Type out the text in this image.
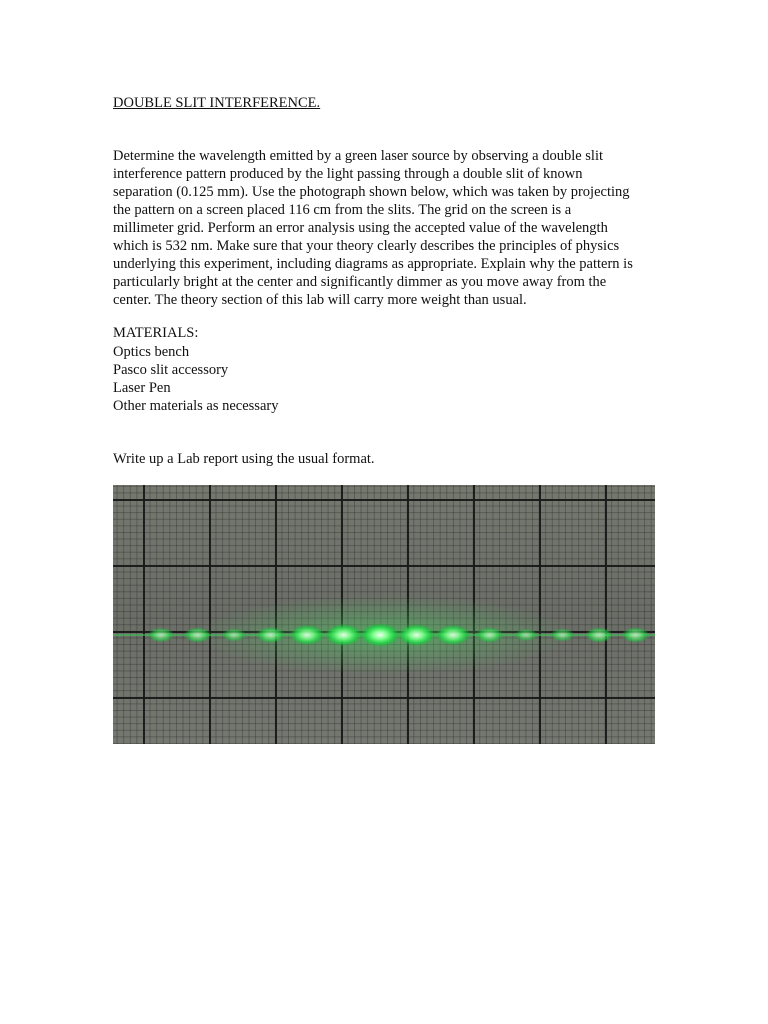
DOUBLE SLIT INTERFERENCE.

Determine the wavelength emitted by a green laser source by observing a double slit
interference pattern produced by the light passing through a double slit of known
separation (0.125 mm). Use the photograph shown below, which was taken by projecting
the pattern on a screen placed 116 cm from the slits. The grid on the screen is a
millimeter grid. Perform an error analysis using the accepted value of the wavelength
which is 532 nm. Make sure that your theory clearly describes the principles of physics
underlying this experiment, including diagrams as appropriate. Explain why the pattern is
particularly bright at the center and significantly dimmer as you move away from the
center. The theory section of this lab will carry more weight than usual.

MATERIALS:
Optics bench
Pasco slit accessory
Laser Pen
Other materials as necessary

Write up a Lab report using the usual format.
